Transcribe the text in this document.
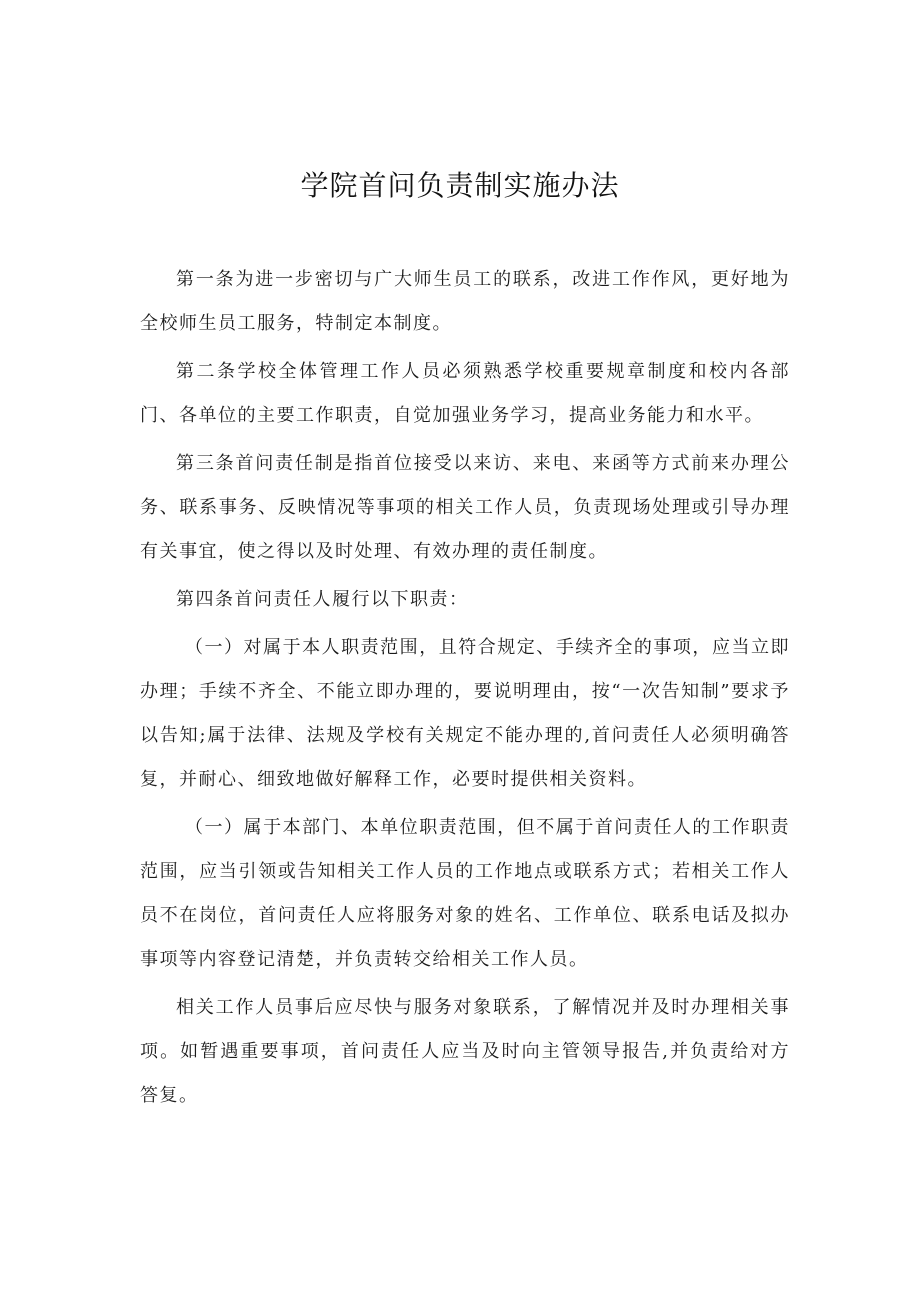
学院首问负责制实施办法

第一条为进一步密切与广大师生员工的联系，改进工作作风，更好地为全校师生员工服务，特制定本制度。

第二条学校全体管理工作人员必须熟悉学校重要规章制度和校内各部门、各单位的主要工作职责，自觉加强业务学习，提高业务能力和水平。

第三条首问责任制是指首位接受以来访、来电、来函等方式前来办理公务、联系事务、反映情况等事项的相关工作人员，负责现场处理或引导办理有关事宜，使之得以及时处理、有效办理的责任制度。

第四条首问责任人履行以下职责：

（一）对属于本人职责范围，且符合规定、手续齐全的事项，应当立即办理；手续不齐全、不能立即办理的，要说明理由，按“一次告知制”要求予以告知;属于法律、法规及学校有关规定不能办理的,首问责任人必须明确答复，并耐心、细致地做好解释工作，必要时提供相关资料。

（一）属于本部门、本单位职责范围，但不属于首问责任人的工作职责范围，应当引领或告知相关工作人员的工作地点或联系方式；若相关工作人员不在岗位，首问责任人应将服务对象的姓名、工作单位、联系电话及拟办事项等内容登记清楚，并负责转交给相关工作人员。

相关工作人员事后应尽快与服务对象联系，了解情况并及时办理相关事项。如暂遇重要事项，首问责任人应当及时向主管领导报告,并负责给对方答复。
